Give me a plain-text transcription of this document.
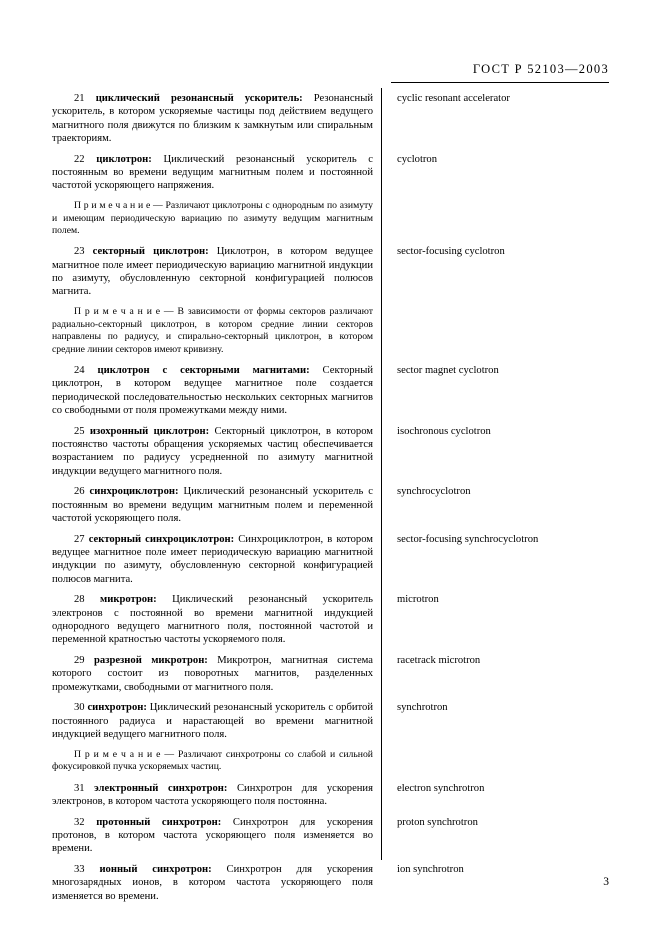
ГОСТ Р 52103—2003
21 циклический резонансный ускоритель: Резонансный ускоритель, в котором ускоряемые частицы под действием ведущего магнитного поля движутся по близким к замкнутым или спиральным траекториям.
cyclic resonant accelerator
22 циклотрон: Циклический резонансный ускоритель с постоянным во времени ведущим магнитным полем и постоянной частотой ускоряющего напряжения.
cyclotron
П р и м е ч а н и е — Различают циклотроны с однородным по азимуту и имеющим периодическую вариацию по азимуту ведущим магнитным полем.
23 секторный циклотрон: Циклотрон, в котором ведущее магнитное поле имеет периодическую вариацию магнитной индукции по азимуту, обусловленную секторной конфигурацией полюсов магнита.
sector-focusing cyclotron
П р и м е ч а н и е — В зависимости от формы секторов различают радиально-секторный циклотрон, в котором средние линии секторов направлены по радиусу, и спирально-секторный циклотрон, в котором средние линии секторов имеют кривизну.
24 циклотрон с секторными магнитами: Секторный циклотрон, в котором ведущее магнитное поле создается периодической последовательностью нескольких секторных магнитов со свободными от поля промежутками между ними.
sector magnet cyclotron
25 изохронный циклотрон: Секторный циклотрон, в котором постоянство частоты обращения ускоряемых частиц обеспечивается возрастанием по радиусу усредненной по азимуту магнитной индукции ведущего магнитного поля.
isochronous cyclotron
26 синхроциклотрон: Циклический резонансный ускоритель с постоянным во времени ведущим магнитным полем и переменной частотой ускоряющего поля.
synchrocyclotron
27 секторный синхроциклотрон: Синхроциклотрон, в котором ведущее магнитное поле имеет периодическую вариацию магнитной индукции по азимуту, обусловленную секторной конфигурацией полюсов магнита.
sector-focusing synchrocyclotron
28 микротрон: Циклический резонансный ускоритель электронов с постоянной во времени магнитной индукцией однородного ведущего магнитного поля, постоянной частотой и переменной кратностью частоты ускоряемого поля.
microtron
29 разрезной микротрон: Микротрон, магнитная система которого состоит из поворотных магнитов, разделенных промежутками, свободными от магнитного поля.
racetrack microtron
30 синхротрон: Циклический резонансный ускоритель с орбитой постоянного радиуса и нарастающей во времени магнитной индукцией ведущего магнитного поля.
synchrotron
П р и м е ч а н и е — Различают синхротроны со слабой и сильной фокусировкой пучка ускоряемых частиц.
31 электронный синхротрон: Синхротрон для ускорения электронов, в котором частота ускоряющего поля постоянна.
electron synchrotron
32 протонный синхротрон: Синхротрон для ускорения протонов, в котором частота ускоряющего поля изменяется во времени.
proton synchrotron
33 ионный синхротрон: Синхротрон для ускорения многозарядных ионов, в котором частота ускоряющего поля изменяется во времени.
ion synchrotron
3
